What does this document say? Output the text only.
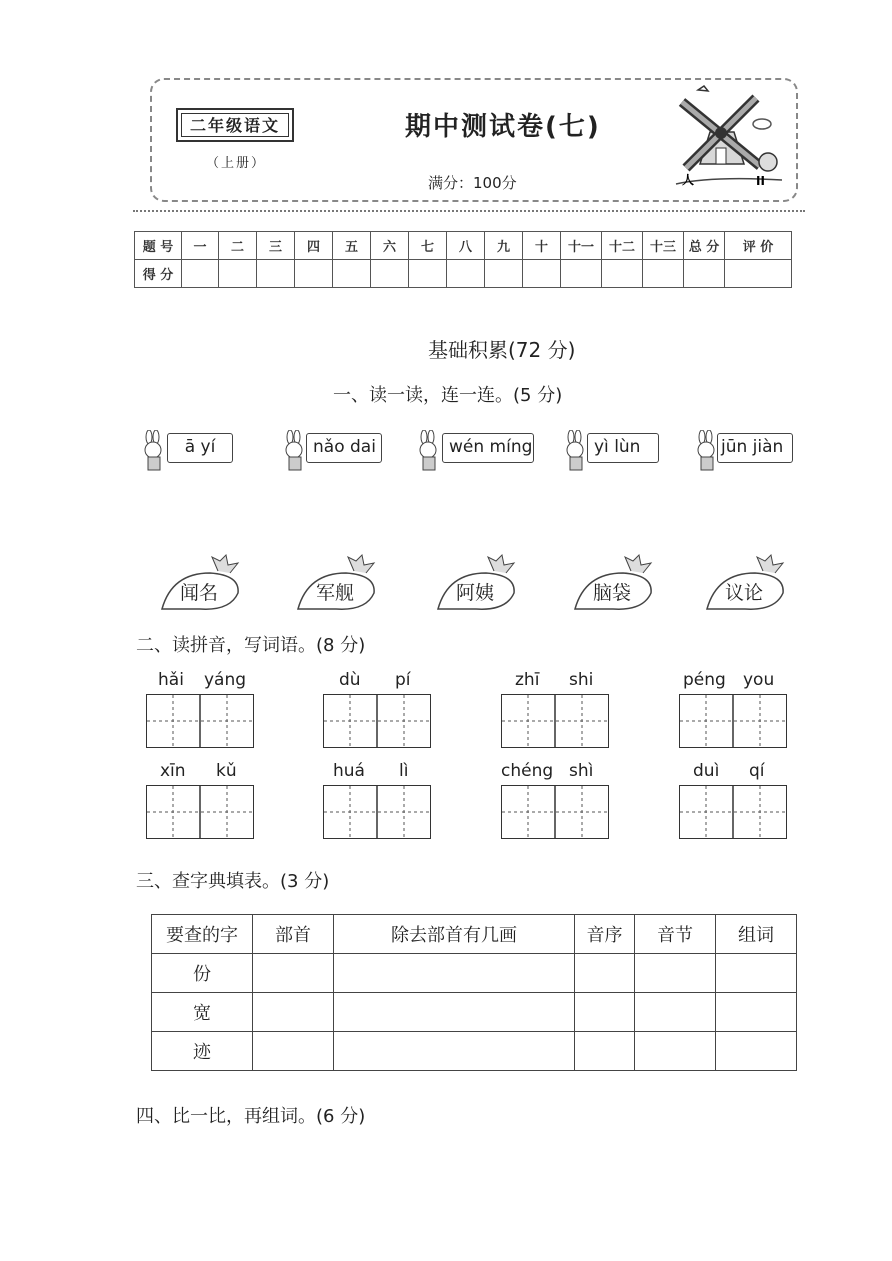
二年级语文
（上册）
期中测试卷(七)
满分：100分	人	II
题 号	一	二	三	四	五	六	七	八	九	十	十一	十二	十三	总 分	评 价
得 分															
基础积累(72 分)
一、读一读，连一连。(5 分)
ā yí	nǎo dai	wén míng	yì lùn	jūn jiàn
闻名	军舰	阿姨	脑袋	议论
二、读拼音，写词语。(8 分)
hǎi yáng	dù pí	zhī shi	péng you
xīn kǔ	huá lì	chéng shì	duì qí
三、查字典填表。(3 分)
要查的字	部首	除去部首有几画	音序	音节	组词
份					
宽					
迹					
四、比一比，再组词。(6 分)
